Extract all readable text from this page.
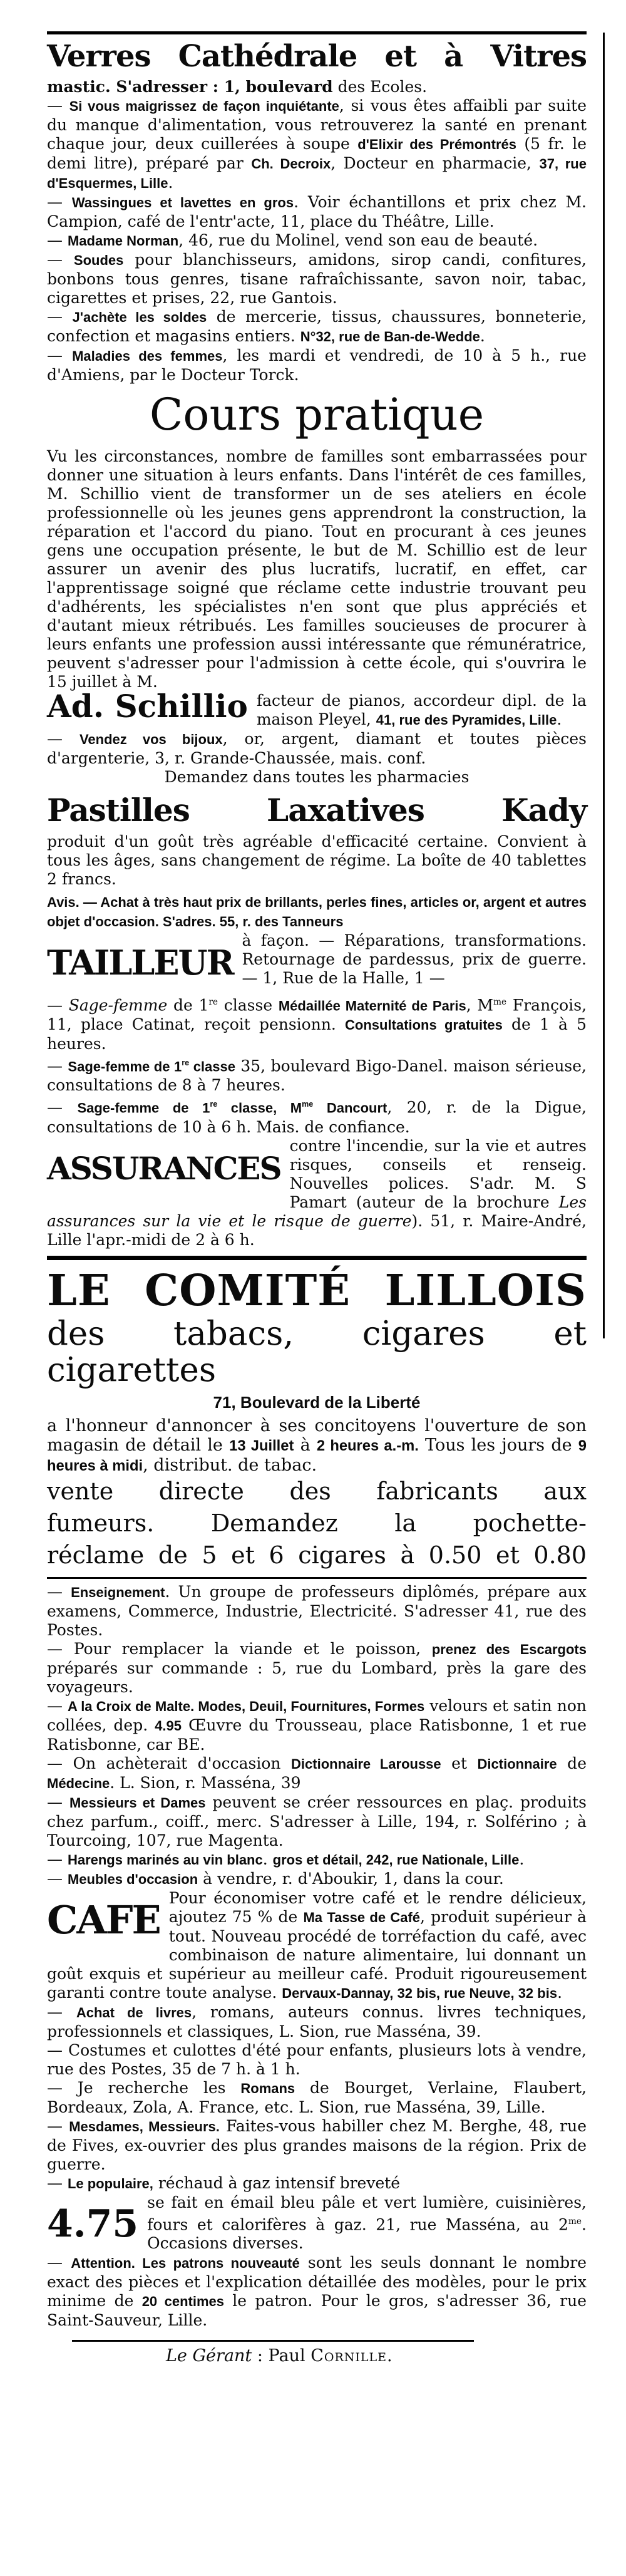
Verres Cathédrale et à Vitres

mastic. S'adresser : 1, boulevard des Ecoles.

— Si vous maigrissez de façon inquiétante, si vous êtes affaibli par suite du manque d'alimentation, vous retrouverez la santé en prenant chaque jour, deux cuillerées à soupe d'Elixir des Prémontrés (5 fr. le demi litre), préparé par Ch. Decroix, Docteur en pharmacie, 37, rue d'Esquermes, Lille.

— Wassingues et lavettes en gros. Voir échantillons et prix chez M. Campion, café de l'entr'acte, 11, place du Théâtre, Lille.

— Madame Norman, 46, rue du Molinel, vend son eau de beauté.

— Soudes pour blanchisseurs, amidons, sirop candi, confitures, bonbons tous genres, tisane rafraîchissante, savon noir, tabac, cigarettes et prises, 22, rue Gantois.

— J'achète les soldes de mercerie, tissus, chaussures, bonneterie, confection et magasins entiers. N°32, rue de Ban-de-Wedde.

— Maladies des femmes, les mardi et vendredi, de 10 à 5 h., rue d'Amiens, par le Docteur Torck.

Cours pratique

Vu les circonstances, nombre de familles sont embarrassées pour donner une situation à leurs enfants. Dans l'intérêt de ces familles, M. Schillio vient de transformer un de ses ateliers en école professionnelle où les jeunes gens apprendront la construction, la réparation et l'accord du piano. Tout en procurant à ces jeunes gens une occupation présente, le but de M. Schillio est de leur assurer un avenir des plus lucratifs, lucratif, en effet, car l'apprentissage soigné que réclame cette industrie trouvant peu d'adhérents, les spécialistes n'en sont que plus appréciés et d'autant mieux rétribués. Les familles soucieuses de procurer à leurs enfants une profession aussi intéressante que rémunératrice, peuvent s'adresser pour l'admission à cette école, qui s'ouvrira le 15 juillet à M.

Ad. Schillio facteur de pianos, accordeur dipl. de la maison Pleyel, 41, rue des Pyramides, Lille.

— Vendez vos bijoux, or, argent, diamant et toutes pièces d'argenterie, 3, r. Grande-Chaussée, mais. conf.

Demandez dans toutes les pharmacies

Pastilles Laxatives Kady

produit d'un goût très agréable d'efficacité certaine. Convient à tous les âges, sans changement de régime. La boîte de 40 tablettes 2 francs.

Avis. — Achat à très haut prix de brillants, perles fines, articles or, argent et autres objet d'occasion. S'adres. 55, r. des Tanneurs

TAILLEUR

à façon. — Réparations, transformations. Retournage de pardessus, prix de guerre. — 1, Rue de la Halle, 1 —

— Sage-femme de 1re classe Médaillée Maternité de Paris, $M^{me}$ François, 11, place Catinat, reçoit pensionn. Consultations gratuites de 1 à 5 heures.

— Sage-femme de 1re classe 35, boulevard Bigo-Danel. maison sérieuse, consultations de 8 à 7 heures.

— Sage-femme de 1re classe, $M^{me}$ Dancourt, 20, r. de la Digue, consultations de 10 à 6 h. Mais. de confiance.

ASSURANCES

contre l'incendie, sur la vie et autres risques, conseils et renseig. Nouvelles polices. S'adr. M. S Pamart (auteur de la brochure Les assurances sur la vie et le risque de guerre). 51, r. Maire-André, Lille l'apr.-midi de 2 à 6 h.

LE COMITÉ LILLOIS
des tabacs, cigares et cigarettes
71, Boulevard de la Liberté

a l'honneur d'annoncer à ses concitoyens l'ouverture de son magasin de détail le 13 Juillet à 2 heures a.-m. Tous les jours de 9 heures à midi, distribut. de tabac.

vente directe des fabricants aux
fumeurs. Demandez la pochette-
réclame de 5 et 6 cigares à 0.50 et 0.80

— Enseignement. Un groupe de professeurs diplômés, prépare aux examens, Commerce, Industrie, Electricité. S'adresser 41, rue des Postes.

— Pour remplacer la viande et le poisson, prenez des Escargots préparés sur commande : 5, rue du Lombard, près la gare des voyageurs.

— A la Croix de Malte. Modes, Deuil, Fournitures, Formes velours et satin non collées, dep. 4.95 Œuvre du Trousseau, place Ratisbonne, 1 et rue Ratisbonne, car BE.

— On achèterait d'occasion Dictionnaire Larousse et Dictionnaire de Médecine. L. Sion, r. Masséna, 39

— Messieurs et Dames peuvent se créer ressources en plaç. produits chez parfum., coiff., merc. S'adresser à Lille, 194, r. Solférino ; à Tourcoing, 107, rue Magenta.

— Harengs marinés au vin blanc. gros et détail, 242, rue Nationale, Lille.

— Meubles d'occasion à vendre, r. d'Aboukir, 1, dans la cour.

CAFE Pour économiser votre café et le rendre délicieux, ajoutez 75 % de Ma Tasse de Café, produit supérieur à tout. Nouveau procédé de torréfaction du café, avec combinaison de nature alimentaire, lui donnant un goût exquis et supérieur au meilleur café. Produit rigoureusement garanti contre toute analyse. Dervaux-Dannay, 32 bis, rue Neuve, 32 bis.

— Achat de livres, romans, auteurs connus. livres techniques, professionnels et classiques, L. Sion, rue Masséna, 39.

— Costumes et culottes d'été pour enfants, plusieurs lots à vendre, rue des Postes, 35 de 7 h. à 1 h.

— Je recherche les Romans de Bourget, Verlaine, Flaubert, Bordeaux, Zola, A. France, etc. L. Sion, rue Masséna, 39, Lille.

— Mesdames, Messieurs. Faites-vous habiller chez M. Berghe, 48, rue de Fives, ex-ouvrier des plus grandes maisons de la région. Prix de guerre.

— Le populaire, réchaud à gaz intensif breveté

4.75 se fait en émail bleu pâle et vert lumière, cuisinières, fours et calorifères à gaz. 21, rue Masséna, au $2^{me}$. Occasions diverses.

— Attention. Les patrons nouveauté sont les seuls donnant le nombre exact des pièces et l'explication détaillée des modèles, pour le prix minime de 20 centimes le patron. Pour le gros, s'adresser 36, rue Saint-Sauveur, Lille.

Le Gérant : Paul Cornille.
